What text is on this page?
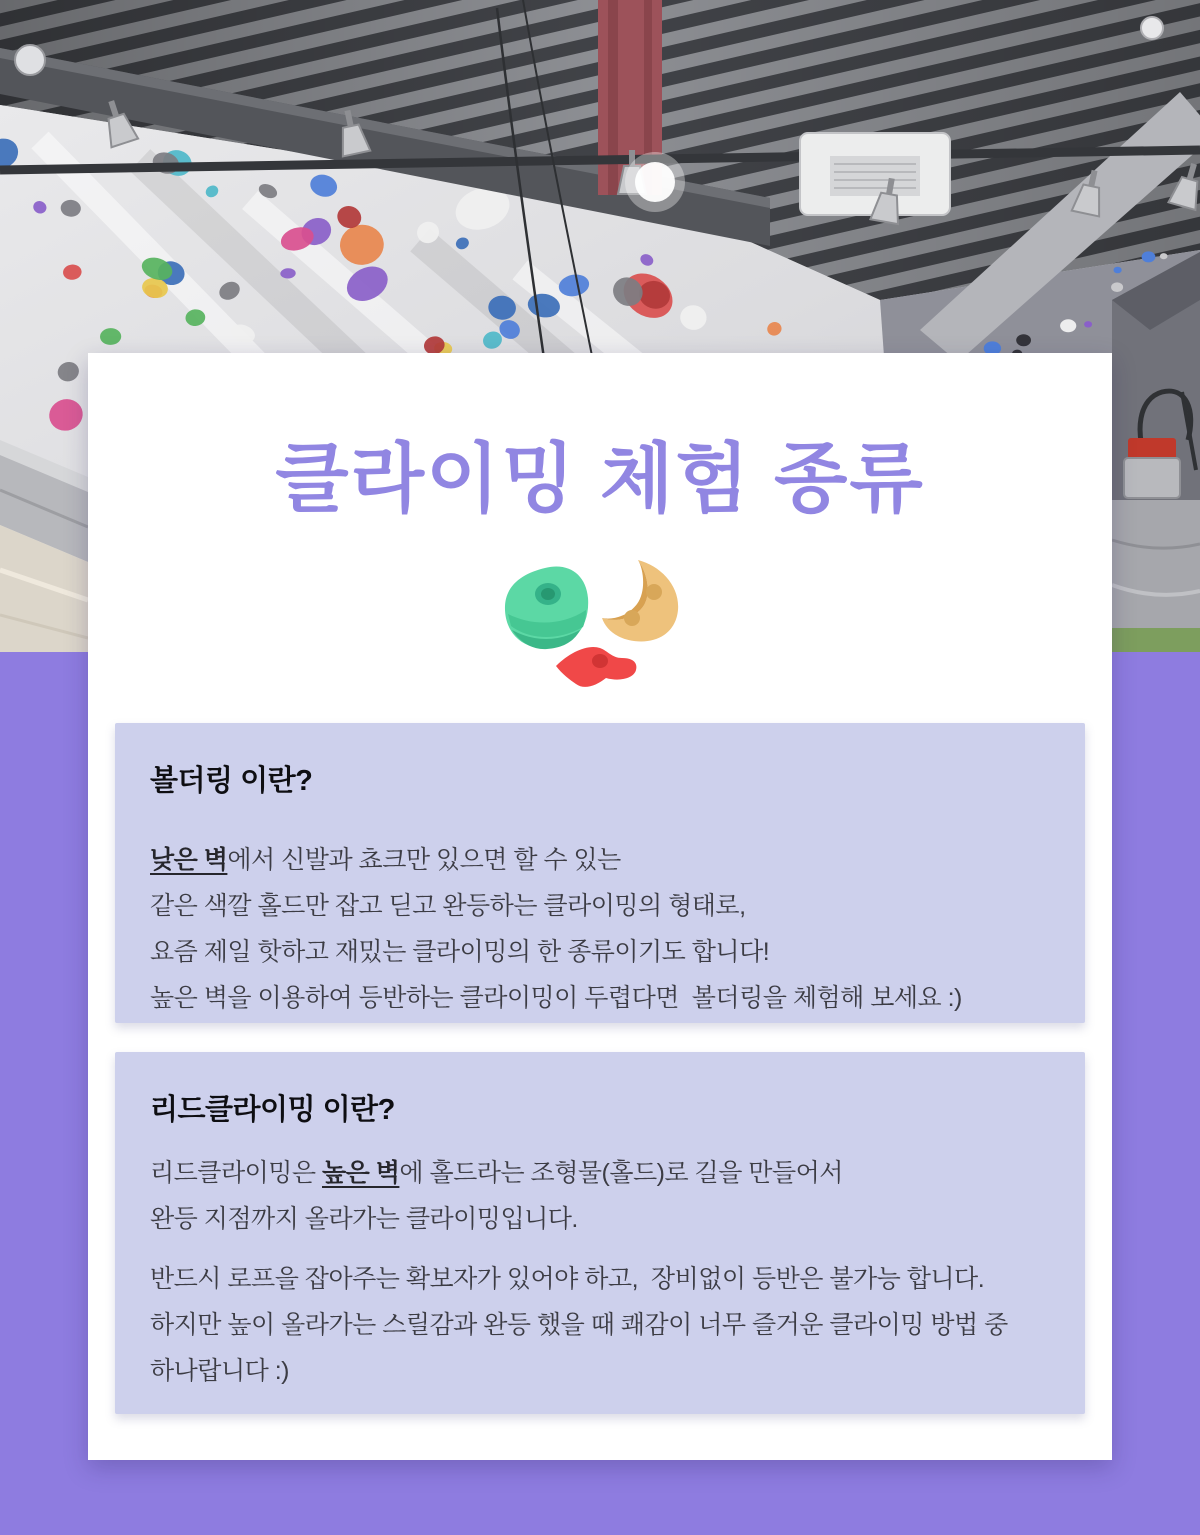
클라이밍 체험 종류
볼더링 이란?

낮은 벽에서 신발과 쵸크만 있으면 할 수 있는

같은 색깔 홀드만 잡고 딛고 완등하는 클라이밍의 형태로,

요즘 제일 핫하고 재밌는 클라이밍의 한 종류이기도 합니다!

높은 벽을 이용하여 등반하는 클라이밍이 두렵다면  볼더링을 체험해 보세요 :)

리드클라이밍 이란?

리드클라이밍은 높은 벽에 홀드라는 조형물(홀드)로 길을 만들어서

완등 지점까지 올라가는 클라이밍입니다.

반드시 로프을 잡아주는 확보자가 있어야 하고,  장비없이 등반은 불가능 합니다.

하지만 높이 올라가는 스릴감과 완등 했을 때 쾌감이 너무 즐거운 클라이밍 방법 중

하나랍니다 :)
